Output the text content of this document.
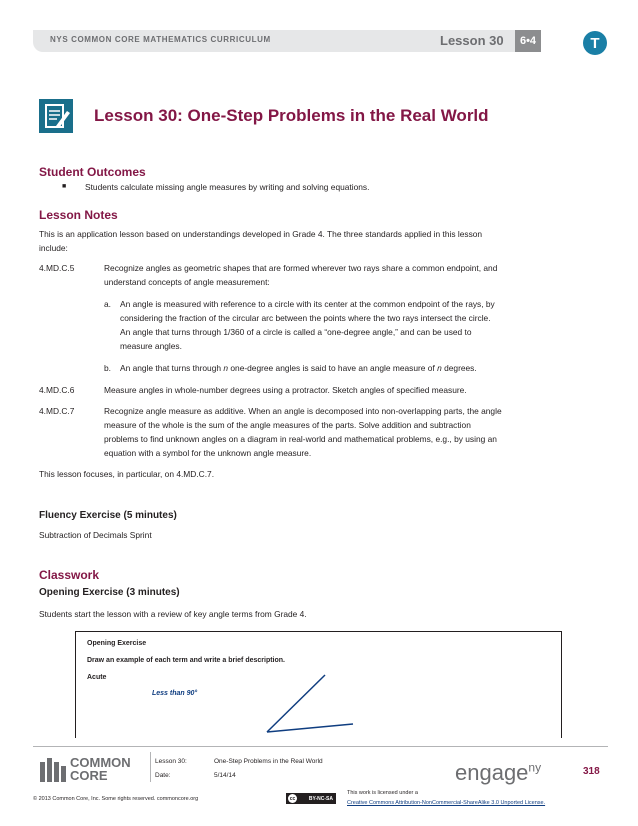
NYS COMMON CORE MATHEMATICS CURRICULUM	Lesson 30	6•4	T
Lesson 30: One-Step Problems in the Real World
Student Outcomes
■ Students calculate missing angle measures by writing and solving equations.
Lesson Notes
This is an application lesson based on understandings developed in Grade 4. The three standards applied in this lesson
include:
4.MD.C.5	Recognize angles as geometric shapes that are formed wherever two rays share a common endpoint, and
understand concepts of angle measurement:
a. An angle is measured with reference to a circle with its center at the common endpoint of the rays, by
considering the fraction of the circular arc between the points where the two rays intersect the circle.
An angle that turns through 1/360 of a circle is called a “one-degree angle,” and can be used to
measure angles.
b. An angle that turns through n one-degree angles is said to have an angle measure of n degrees.
4.MD.C.6	Measure angles in whole-number degrees using a protractor. Sketch angles of specified measure.
4.MD.C.7	Recognize angle measure as additive. When an angle is decomposed into non-overlapping parts, the angle
measure of the whole is the sum of the angle measures of the parts. Solve addition and subtraction
problems to find unknown angles on a diagram in real-world and mathematical problems, e.g., by using an
equation with a symbol for the unknown angle measure.
This lesson focuses, in particular, on 4.MD.C.7.
Fluency Exercise (5 minutes)
Subtraction of Decimals Sprint
Classwork
Opening Exercise (3 minutes)
Students start the lesson with a review of key angle terms from Grade 4.
Opening Exercise
Draw an example of each term and write a brief description.
Acute
Less than 90°
COMMON
CORE
Lesson 30:	One-Step Problems in the Real World
Date:	5/14/14	engage$^{ny}$	318
© 2013 Common Core, Inc. Some rights reserved. commoncore.org	cc	BY-NC-SA
This work is licensed under a
Creative Commons Attribution-NonCommercial-ShareAlike 3.0 Unported License.
